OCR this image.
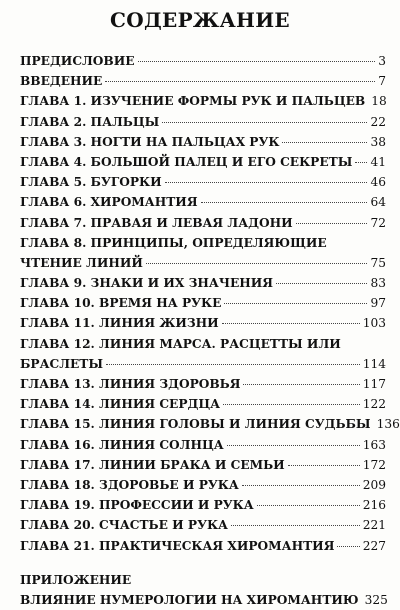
СОДЕРЖАНИЕ
ПРЕДИСЛОВИЕ	3
ВВЕДЕНИЕ	7
ГЛАВА 1. ИЗУЧЕНИЕ ФОРМЫ РУК И ПАЛЬЦЕВ 18
ГЛАВА 2. ПАЛЬЦЫ	22
ГЛАВА 3. НОГТИ НА ПАЛЬЦАХ РУК	38
ГЛАВА 4. БОЛЬШОЙ ПАЛЕЦ И ЕГО СЕКРЕТЫ 41
ГЛАВА 5. БУГОРКИ	46
ГЛАВА 6. ХИРОМАНТИЯ	64
ГЛАВА 7. ПРАВАЯ И ЛЕВАЯ ЛАДОНИ	72
ГЛАВА 8. ПРИНЦИПЫ, ОПРЕДЕЛЯЮЩИЕ
ЧТЕНИЕ ЛИНИЙ	75
ГЛАВА 9. ЗНАКИ И ИХ ЗНАЧЕНИЯ	83
ГЛАВА 10. ВРЕМЯ НА РУКЕ	97
ГЛАВА 11. ЛИНИЯ ЖИЗНИ	103
ГЛАВА 12. ЛИНИЯ МАРСА. РАСЦЕТТЫ ИЛИ
БРАСЛЕТЫ	114
ГЛАВА 13. ЛИНИЯ ЗДОРОВЬЯ	117
ГЛАВА 14. ЛИНИЯ СЕРДЦА	122
ГЛАВА 15. ЛИНИЯ ГОЛОВЫ И ЛИНИЯ СУДЬБЫ 136
ГЛАВА 16. ЛИНИЯ СОЛНЦА	163
ГЛАВА 17. ЛИНИИ БРАКА И СЕМЬИ	172
ГЛАВА 18. ЗДОРОВЬЕ И РУКА	209
ГЛАВА 19. ПРОФЕССИИ И РУКА	216
ГЛАВА 20. СЧАСТЬЕ И РУКА	221
ГЛАВА 21. ПРАКТИЧЕСКАЯ ХИРОМАНТИЯ 227
ПРИЛОЖЕНИЕ
ВЛИЯНИЕ НУМЕРОЛОГИИ НА ХИРОМАНТИЮ 325
